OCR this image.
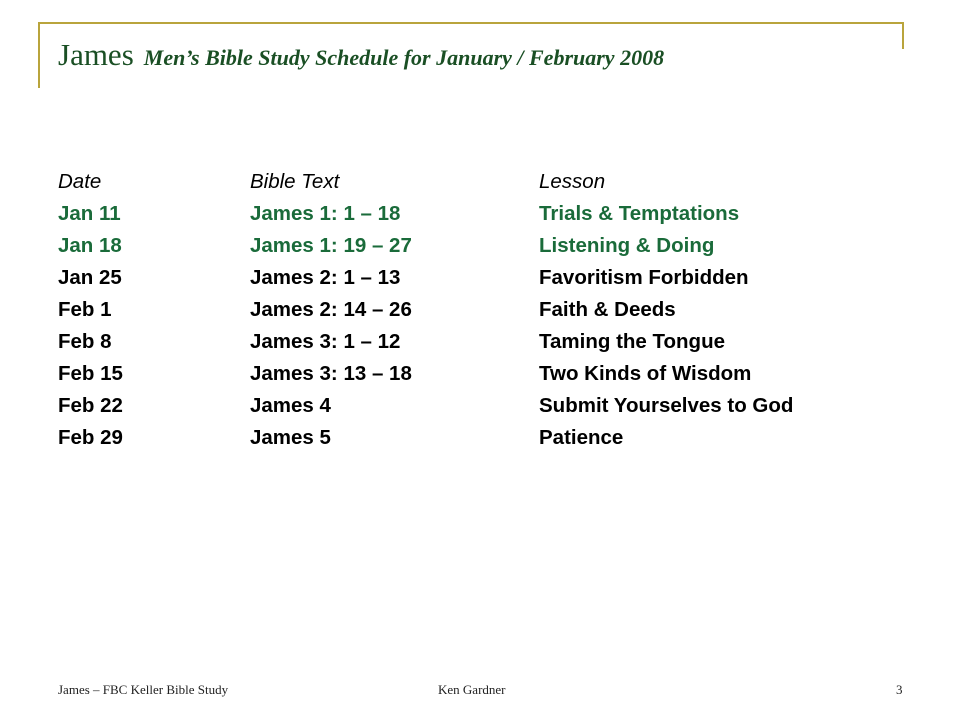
James Men’s Bible Study Schedule for January / February 2008
Date	Bible Text	Lesson
Jan 11	James 1: 1 – 18	Trials & Temptations
Jan 18	James 1: 19 – 27	Listening & Doing
Jan 25	James 2: 1 – 13	Favoritism Forbidden
Feb 1	James 2: 14 – 26	Faith & Deeds
Feb 8	James 3: 1 – 12	Taming the Tongue
Feb 15	James 3: 13 – 18	Two Kinds of Wisdom
Feb 22	James 4	Submit Yourselves to God
Feb 29	James 5	Patience
James – FBC Keller Bible Study	Ken Gardner	3
